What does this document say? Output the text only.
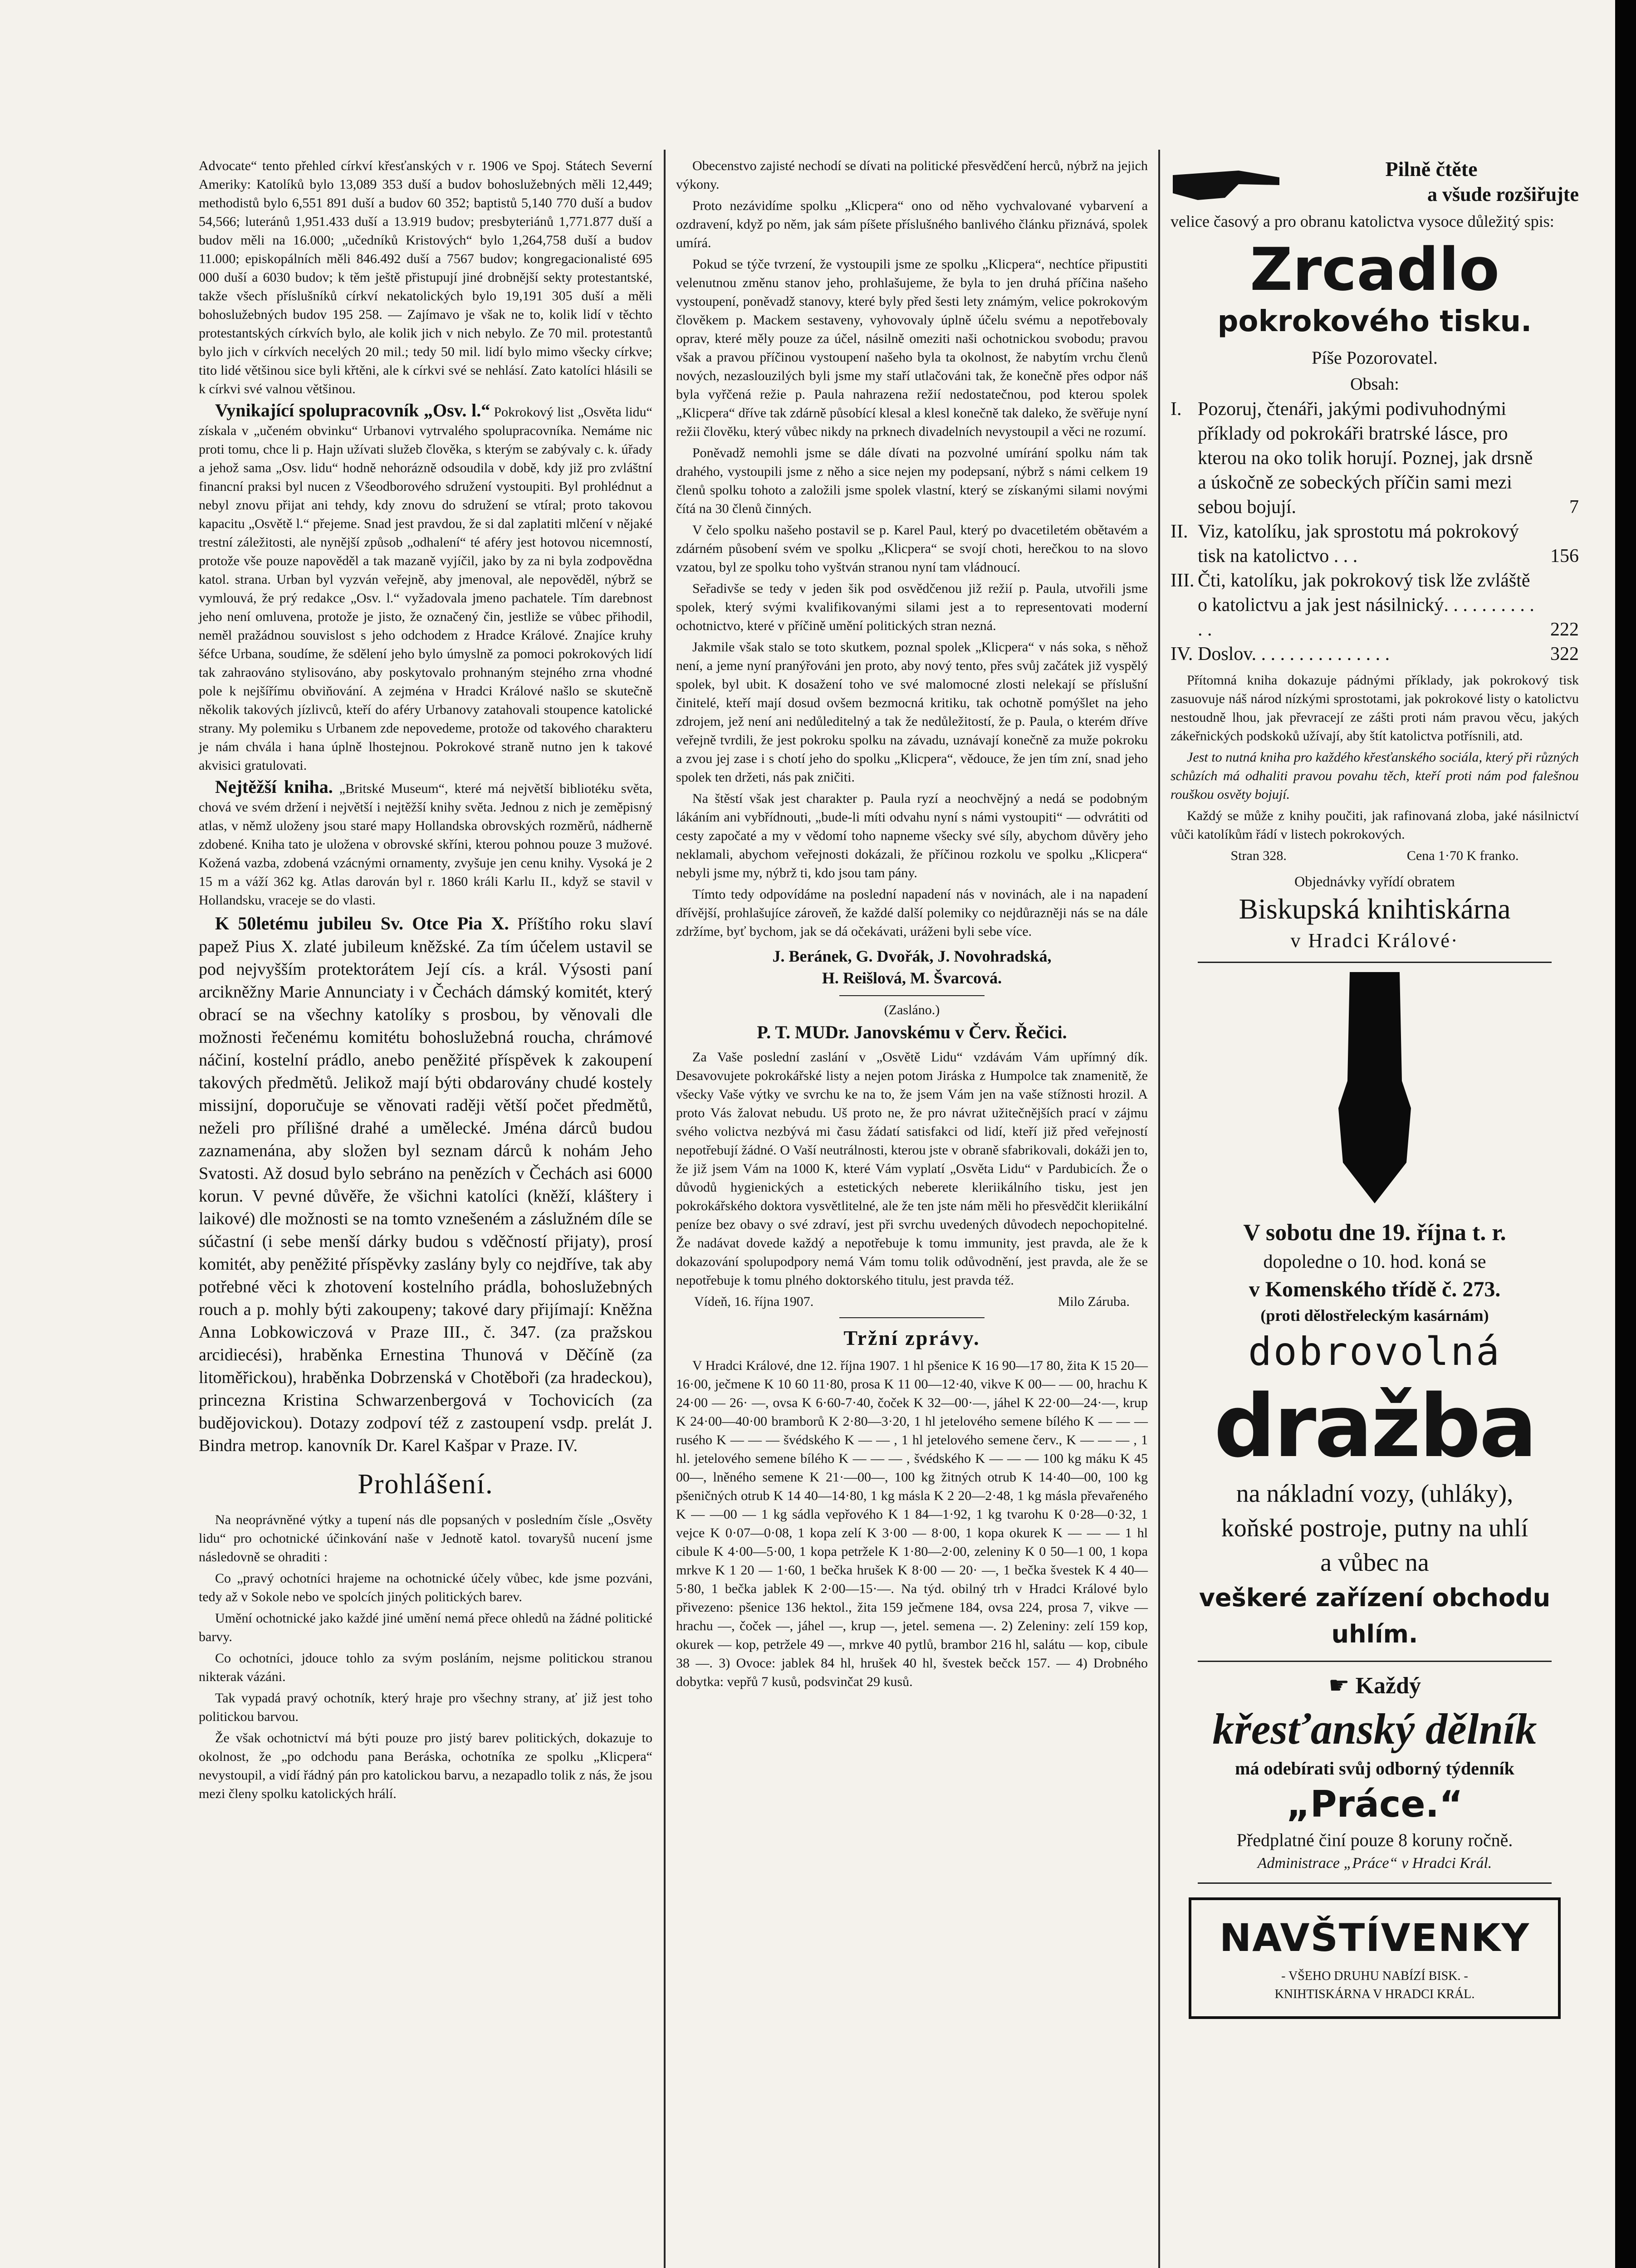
Advocate“ tento přehled církví křesťanských v r. 1906 ve Spoj. Státech Severní Ameriky: Katolíků bylo 13,089 353 duší a budov bohoslužebných měli 12,449; methodistů bylo 6,551 891 duší a budov 60 352; baptistů 5,140 770 duší a budov 54,566; luteránů 1,951.433 duší a 13.919 budov; presbyteriánů 1,771.877 duší a budov měli na 16.000; „učedníků Kristových“ bylo 1,264,758 duší a budov 11.000; episkopálních měli 846.492 duší a 7567 budov; kongregacionalisté 695 000 duší a 6030 budov; k těm ještě přistupují jiné drobnější sekty protestantské, takže všech příslušníků církví nekatolických bylo 19,191 305 duší a měli bohoslužebných budov 195 258. — Zajímavo je však ne to, kolik lidí v těchto protestantských církvích bylo, ale kolik jich v nich nebylo. Ze 70 mil. protestantů bylo jich v církvích necelých 20 mil.; tedy 50 mil. lidí bylo mimo všecky církve; tito lidé většinou sice byli křtěni, ale k církvi své se nehlásí. Zato katolíci hlásili se k církvi své valnou většinou.

Vynikající spolupracovník „Osv. l.“ Pokrokový list „Osvěta lidu“ získala v „učeném obvinku“ Urbanovi vytrvalého spolupracovníka. Nemáme nic proti tomu, chce li p. Hajn užívati služeb člověka, s kterým se zabývaly c. k. úřady a jehož sama „Osv. lidu“ hodně nehorázně odsoudila v době, kdy již pro zvláštní financní praksi byl nucen z Všeodborového sdružení vystoupiti. Byl prohlédnut a nebyl znovu přijat ani tehdy, kdy znovu do sdružení se vtíral; proto takovou kapacitu „Osvětě l.“ přejeme. Snad jest pravdou, že si dal zaplatiti mlčení v nějaké trestní záležitosti, ale nynější způsob „odhalení“ té aféry jest hotovou nicemností, protože vše pouze napověděl a tak mazaně vyjíčil, jako by za ni byla zodpovědna katol. strana. Urban byl vyzván veřejně, aby jmenoval, ale nepověděl, nýbrž se vymlouvá, že prý redakce „Osv. l.“ vyžadovala jmeno pachatele. Tím darebnost jeho není omluvena, protože je jisto, že označený čin, jestliže se vůbec přihodil, neměl pražádnou souvislost s jeho odchodem z Hradce Králové. Znajíce kruhy šéfce Urbana, soudíme, že sdělení jeho bylo úmyslně za pomoci pokrokových lidí tak zahraováno stylisováno, aby poskytovalo prohnaným stejného zrna vhodné pole k nejšířímu obviňování. A zejména v Hradci Králové našlo se skutečně několik takových jízlivců, kteří do aféry Urbanovy zatahovali stoupence katolické strany. My polemiku s Urbanem zde nepovedeme, protože od takového charakteru je nám chvála i hana úplně lhostejnou. Pokrokové straně nutno jen k takové akvisici gratulovati.

Nejtěžší kniha. „Britské Museum“, které má největší bibliotéku světa, chová ve svém držení i největší i nejtěžší knihy světa. Jednou z nich je zeměpisný atlas, v němž uloženy jsou staré mapy Hollandska obrovských rozměrů, nádherně zdobené. Kniha tato je uložena v obrovské skříni, kterou pohnou pouze 3 mužové. Kožená vazba, zdobená vzácnými ornamenty, zvyšuje jen cenu knihy. Vysoká je 2 15 m a váží 362 kg. Atlas darován byl r. 1860 králi Karlu II., když se stavil v Hollandsku, vraceje se do vlasti.

K 50letému jubileu Sv. Otce Pia X. Příštího roku slaví papež Pius X. zlaté jubileum kněžské. Za tím účelem ustavil se pod nejvyšším protektorátem Její cís. a král. Výsosti paní arcikněžny Marie Annunciaty i v Čechách dámský komitét, který obrací se na všechny katolíky s prosbou, by věnovali dle možnosti řečenému komitétu bohoslužebná roucha, chrámové náčiní, kostelní prádlo, anebo peněžité příspěvek k zakoupení takových předmětů. Jelikož mají býti obdarovány chudé kostely missijní, doporučuje se věnovati raději větší počet předmětů, neželi pro přílišné drahé a umělecké. Jména dárců budou zaznamenána, aby složen byl seznam dárců k nohám Jeho Svatosti. Až dosud bylo sebráno na penězích v Čechách asi 6000 korun. V pevné důvěře, že všichni katolíci (kněží, kláštery i laikové) dle možnosti se na tomto vznešeném a záslužném díle se súčastní (i sebe menší dárky budou s vděčností přijaty), prosí komitét, aby peněžité příspěvky zaslány byly co nejdříve, tak aby potřebné věci k zhotovení kostelního prádla, bohoslužebných rouch a p. mohly býti zakoupeny; takové dary přijímají: Kněžna Anna Lobkowiczová v Praze III., č. 347. (za pražskou arcidiecési), hraběnka Ernestina Thunová v Děčíně (za litoměřickou), hraběnka Dobrzenská v Chotěboři (za hradeckou), princezna Kristina Schwarzenbergová v Tochovicích (za budějovickou). Dotazy zodpoví též z zastoupení vsdp. prelát J. Bindra metrop. kanovník Dr. Karel Kašpar v Praze. IV.

Prohlášení.

Na neoprávněné výtky a tupení nás dle popsaných v posledním čísle „Osvěty lidu“ pro ochotnické účinkování naše v Jednotě katol. tovaryšů nucení jsme následovně se ohraditi :

Co „pravý ochotníci hrajeme na ochotnické účely vůbec, kde jsme pozváni, tedy až v Sokole nebo ve spolcích jiných politických barev.

Umění ochotnické jako každé jiné umění nemá přece ohledů na žádné politické barvy.

Co ochotníci, jdouce tohlo za svým posláním, nejsme politickou stranou nikterak vázáni.

Tak vypadá pravý ochotník, který hraje pro všechny strany, ať již jest toho politickou barvou.

Že však ochotnictví má býti pouze pro jistý barev politických, dokazuje to okolnost, že „po odchodu pana Beráska, ochotníka ze spolku „Klicpera“ nevystoupil, a vidí řádný pán pro katolickou barvu, a nezapadlo tolik z nás, že jsou mezi členy spolku katolických hrálí.

Obecenstvo zajisté nechodí se dívati na politické přesvědčení herců, nýbrž na jejich výkony.

Proto nezávidíme spolku „Klicpera“ ono od něho vychvalované vybarvení a ozdravení, když po něm, jak sám píšete příslušného banlivého článku přiznává, spolek umírá.

Pokud se týče tvrzení, že vystoupili jsme ze spolku „Klicpera“, nechtíce připustiti velenutnou změnu stanov jeho, prohlašujeme, že byla to jen druhá příčina našeho vystoupení, poněvadž stanovy, které byly před šesti lety známým, velice pokrokovým člověkem p. Mackem sestaveny, vyhovovaly úplně účelu svému a nepotřebovaly oprav, které měly pouze za účel, násilně omeziti naši ochotnickou svobodu; pravou však a pravou příčinou vystoupení našeho byla ta okolnost, že nabytím vrchu členů nových, nezaslouzilých byli jsme my staří utlačováni tak, že konečně přes odpor náš byla vyřčená režie p. Paula nahrazena režií nedostatečnou, pod kterou spolek „Klicpera“ dříve tak zdárně působící klesal a klesl konečně tak daleko, že svěřuje nyní režii člověku, který vůbec nikdy na prknech divadelních nevystoupil a věci ne rozumí.

Poněvadž nemohli jsme se dále dívati na pozvolné umírání spolku nám tak drahého, vystoupili jsme z něho a sice nejen my podepsaní, nýbrž s námi celkem 19 členů spolku tohoto a založili jsme spolek vlastní, který se získanými silami novými čítá na 30 členů činných.

V čelo spolku našeho postavil se p. Karel Paul, který po dvacetiletém obětavém a zdárném působení svém ve spolku „Klicpera“ se svojí choti, herečkou to na slovo vzatou, byl ze spolku toho vyštván stranou nyní tam vládnoucí.

Seřadivše se tedy v jeden šik pod osvědčenou již režií p. Paula, utvořili jsme spolek, který svými kvalifikovanými silami jest a to representovati moderní ochotnictvo, které v příčině umění politických stran nezná.

Jakmile však stalo se toto skutkem, poznal spolek „Klicpera“ v nás soka, s něhož není, a jeme nyní pranýřováni jen proto, aby nový tento, přes svůj začátek již vyspělý spolek, byl ubit. K dosažení toho ve své malomocné zlosti nelekají se příslušní činitelé, kteří mají dosud ovšem bezmocná kritiku, tak ochotně pomýšlet na jeho zdrojem, jež není ani nedůleditelný a tak že nedůležitostí, že p. Paula, o kterém dříve veřejně tvrdili, že jest pokroku spolku na závadu, uznávají konečně za muže pokroku a zvou jej zase i s chotí jeho do spolku „Klicpera“, vědouce, že jen tím zní, snad jeho spolek ten držeti, nás pak zničiti.

Na štěstí však jest charakter p. Paula ryzí a neochvějný a nedá se podobným lákáním ani vybřídnouti, „bude-li míti odvahu nyní s námi vystoupiti“ — odvrátiti od cesty započaté a my v vědomí toho napneme všecky své síly, abychom důvěry jeho neklamali, abychom veřejnosti dokázali, že příčinou rozkolu ve spolku „Klicpera“ nebyli jsme my, nýbrž ti, kdo jsou tam pány.

Tímto tedy odpovídáme na poslední napadení nás v novinách, ale i na napadení dřívější, prohlašujíce zároveň, že každé další polemiky co nejdůrazněji nás se na dále zdržíme, byť bychom, jak se dá očekávati, uráženi byli sebe více.

J. Beránek, G. Dvořák, J. Novohradská,
H. Reišlová, M. Švarcová.
(Zasláno.)
P. T. MUDr. Janovskému v Červ. Řečici.

Za Vaše poslední zaslání v „Osvětě Lidu“ vzdávám Vám upřímný dík. Desavovujete pokrokářské listy a nejen potom Jiráska z Humpolce tak znamenitě, že všecky Vaše výtky ve svrchu ke na to, že jsem Vám jen na vaše stížnosti hrozil. A proto Vás žalovat nebudu. Uš proto ne, že pro návrat užitečnějších prací v zájmu svého volictva nezbývá mi času žádatí satisfakci od lidí, kteří již před veřejností nepotřebují žádné. O Vaší neutrálnosti, kterou jste v obraně sfabrikovali, dokáži jen to, že již jsem Vám na 1000 K, které Vám vyplatí „Osvěta Lidu“ v Pardubicích. Že o důvodů hygienických a estetických neberete kleriikálního tisku, jest jen pokrokářského doktora vysvětlitelné, ale že ten jste nám měli ho přesvědčit kleriikální peníze bez obavy o své zdraví, jest při svrchu uvedených důvodech nepochopitelné. Že nadávat dovede každý a nepotřebuje k tomu immunity, jest pravda, ale že k dokazování spolupodpory nemá Vám tomu tolik odůvodnění, jest pravda, ale že se nepotřebuje k tomu plného doktorského titulu, jest pravda též.

Vídeň, 16. října 1907.	Milo Záruba.
Tržní zprávy.

V Hradci Králové, dne 12. října 1907. 1 hl pšenice K 16 90—17 80, žita K 15 20—16·00, ječmene K 10 60 11·80, prosa K 11 00—12·40, vikve K 00— — 00, hrachu K 24·00 — 26· —, ovsa K 6·60-7·40, čoček K 32—00·—, jáhel K 22·00—24·—, krup K 24·00—40·00 bramborů K 2·80—3·20, 1 hl jetelového semene bílého K — — — rusého K — — — švédského K — — , 1 hl jetelového semene červ., K — — — , 1 hl. jetelového semene bílého K — — — , švédského K — — — 100 kg máku K 45 00—, lněného semene K 21·—00—, 100 kg žitných otrub K 14·40—00, 100 kg pšeničných otrub K 14 40—14·80, 1 kg másla K 2 20—2·48, 1 kg másla převařeného K — —00 — 1 kg sádla vepřového K 1 84—1·92, 1 kg tvarohu K 0·28—0·32, 1 vejce K 0·07—0·08, 1 kopa zelí K 3·00 — 8·00, 1 kopa okurek K — — — 1 hl cibule K 4·00—5·00, 1 kopa petržele K 1·80—2·00, zeleniny K 0 50—1 00, 1 kopa mrkve K 1 20 — 1·60, 1 bečka hrušek K 8·00 — 20· —, 1 bečka švestek K 4 40—5·80, 1 bečka jablek K 2·00—15·—. Na týd. obilný trh v Hradci Králové bylo přivezeno: pšenice 136 hektol., žita 159 ječmene 184, ovsa 224, prosa 7, vikve — hrachu —, čoček —, jáhel —, krup —, jetel. semena —. 2) Zeleniny: zelí 159 kop, okurek — kop, petržele 49 —, mrkve 40 pytlů, brambor 216 hl, salátu — kop, cibule 38 —. 3) Ovoce: jablek 84 hl, hrušek 40 hl, švestek bečck 157. — 4) Drobného dobytka: vepřů 7 kusů, podsvinčat 29 kusů.

Pilně čtěte
a všude rozšiřujte
velice časový a pro obranu katolictva vysoce důležitý spis:
Zrcadlo
pokrokového tisku.
Píše Pozorovatel.
Obsah:
I. Pozoruj, čtenáři, jakými podivuhodnými příklady od pokrokáři bratrské lásce, pro kterou na oko tolik horují. Poznej, jak drsně a úskočně ze sobeckých příčin sami mezi sebou bojují.	7
II. Viz, katolíku, jak sprostotu má pokrokový tisk na katolictvo . . .	156
III. Čti, katolíku, jak pokrokový tisk lže zvláště o katolictvu a jak jest násilnický. . . . . . . . . . . .	222
IV. Doslov. . . . . . . . . . . . . . .	322

Přítomná kniha dokazuje pádnými příklady, jak pokrokový tisk zasuovuje náš národ nízkými sprostotami, jak pokrokové listy o katolictvu nestoudně lhou, jak převracejí ze zášti proti nám pravou věcu, jakých zákeřnických podskoků užívají, aby štít katolictva potřísnili, atd.

Jest to nutná kniha pro každého křesťanského sociála, který při různých schůzích má odhaliti pravou povahu těch, kteří proti nám pod falešnou rouškou osvěty bojují.

Každý se může z knihy poučiti, jak rafinovaná zloba, jaké násilnictví vůči katolíkům řádí v listech pokrokových.

Stran 328.	Cena 1·70 K franko.
Objednávky vyřídí obratem
Biskupská knihtiskárna
v Hradci Králové·
V sobotu dne 19. října t. r.
dopoledne o 10. hod. koná se
v Komenského třídě č. 273.
(proti dělostřeleckým kasárnám)
dobrovolná
dražba
na náklad​ní vozy, (uhláky),
koňské postroje, putny na uhlí
a vůbec na
veškeré zařízení obchodu uhlím.
☛ Každý
křesťanský dělník
má odebírati svůj odborný týdenník
„Práce.“
Předplatné činí pouze 8 koruny ročně.
Administrace „Práce“ v Hradci Král.
NAVŠTÍVENKY
- VŠEHO DRUHU NABÍZÍ BISK. -
KNIHTISKÁRNA V HRADCI KRÁL.
